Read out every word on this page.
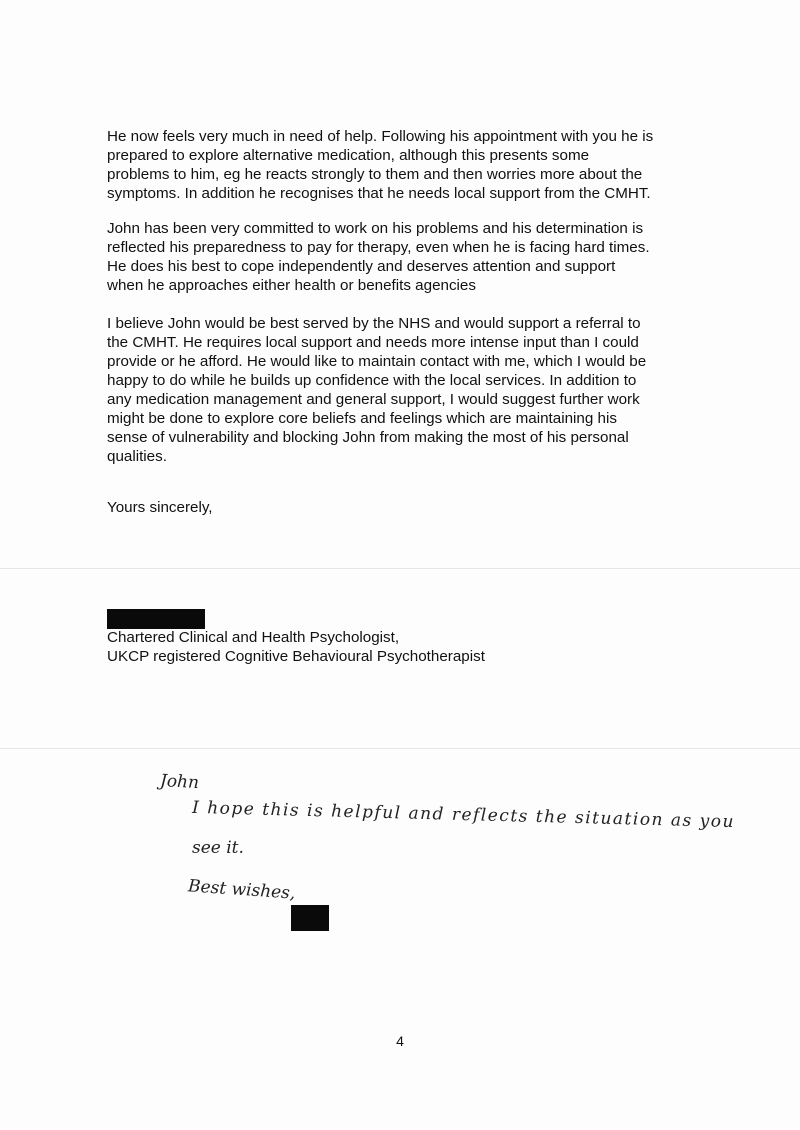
He now feels very much in need of help. Following his appointment with you he is
prepared to explore alternative medication, although this presents some
problems to him, eg he reacts strongly to them and then worries more about the
symptoms. In addition he recognises that he needs local support from the CMHT.
John has been very committed to work on his problems and his determination is
reflected his preparedness to pay for therapy, even when he is facing hard times.
He does his best to cope independently and deserves attention and support
when he approaches either health or benefits agencies
I believe John would be best served by the NHS and would support a referral to
the CMHT. He requires local support and needs more intense input than I could
provide or he afford. He would like to maintain contact with me, which I would be
happy to do while he builds up confidence with the local services. In addition to
any medication management and general support, I would suggest further work
might be done to explore core beliefs and feelings which are maintaining his
sense of vulnerability and blocking John from making the most of his personal
qualities.
Yours sincerely,
Chartered Clinical and Health Psychologist,
UKCP registered Cognitive Behavioural Psychotherapist
John
I hope this is helpful and reflects the situation as you
see it.
Best wishes,
4
